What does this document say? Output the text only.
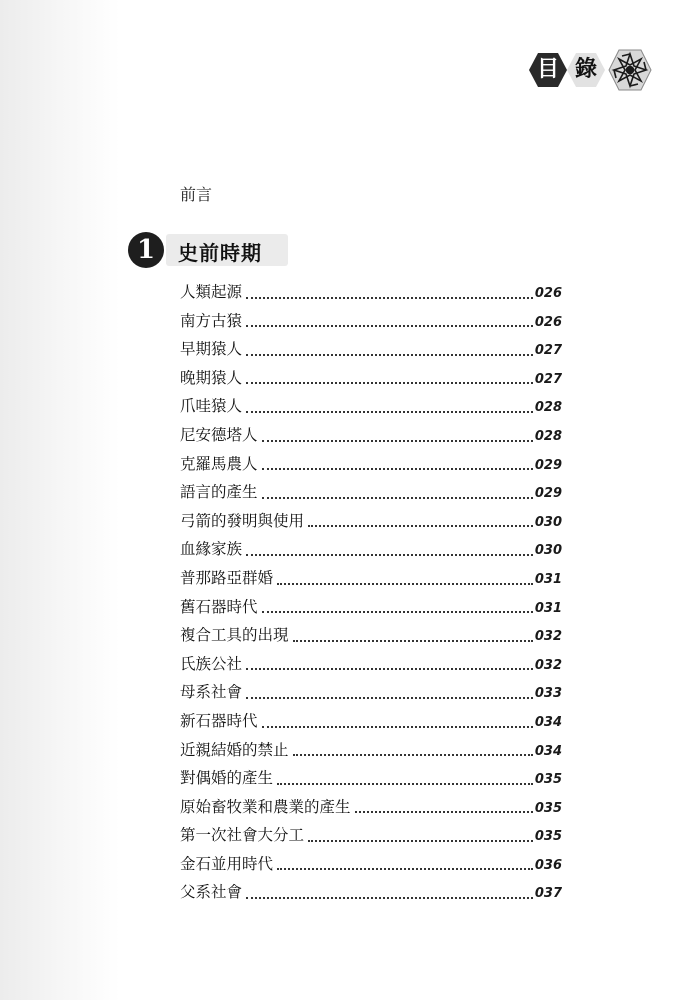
目 錄
前言
1	史前時期
人類起源	026
南方古猿	026
早期猿人	027
晚期猿人	027
爪哇猿人	028
尼安德塔人	028
克羅馬農人	029
語言的產生	029
弓箭的發明與使用	030
血緣家族	030
普那路亞群婚	031
舊石器時代	031
複合工具的出現	032
氏族公社	032
母系社會	033
新石器時代	034
近親結婚的禁止	034
對偶婚的產生	035
原始畜牧業和農業的產生	035
第一次社會大分工	035
金石並用時代	036
父系社會	037
